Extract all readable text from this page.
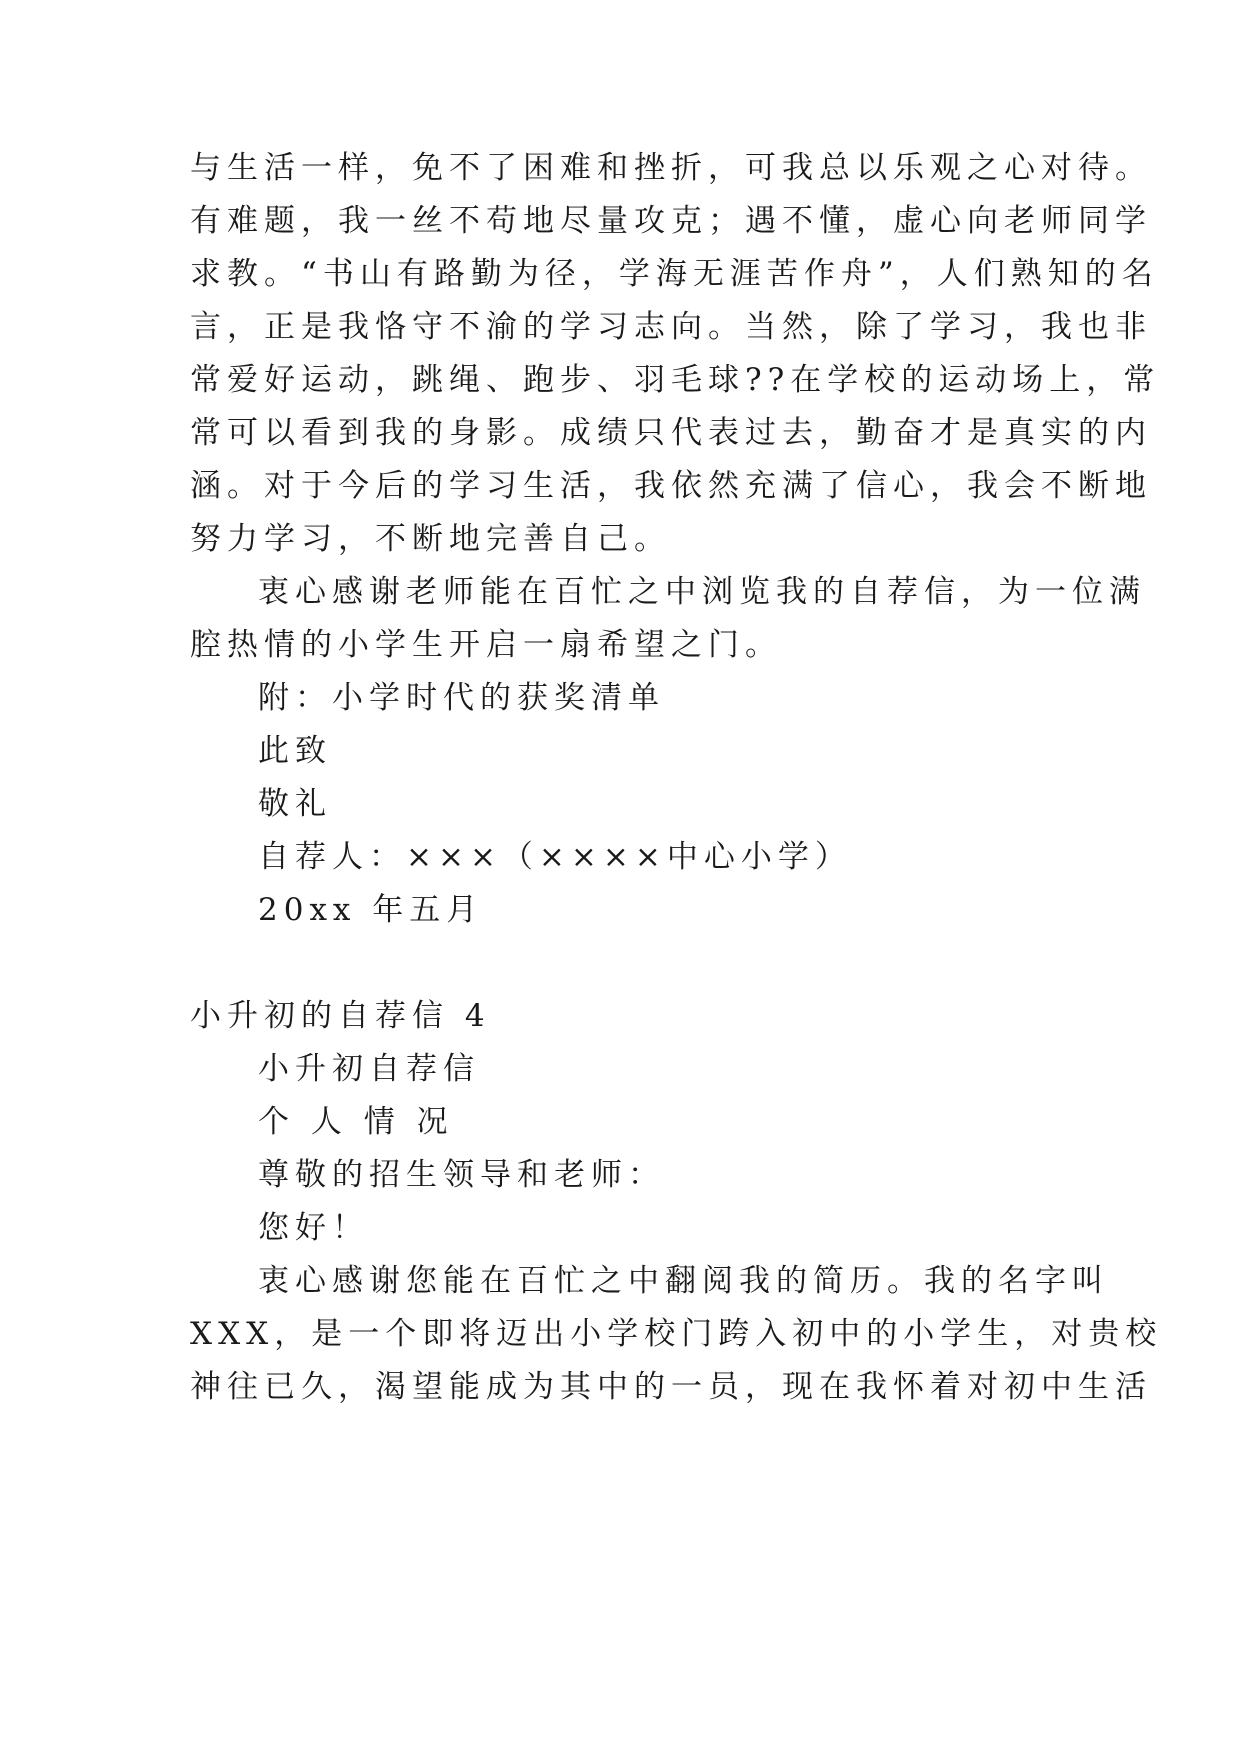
与生活一样，免不了困难和挫折，可我总以乐观之心对待。
有难题，我一丝不苟地尽量攻克；遇不懂，虚心向老师同学
求教。“书山有路勤为径，学海无涯苦作舟”，人们熟知的名
言，正是我恪守不渝的学习志向。当然，除了学习，我也非
常爱好运动，跳绳、跑步、羽毛球??在学校的运动场上，常
常可以看到我的身影。成绩只代表过去，勤奋才是真实的内
涵。对于今后的学习生活，我依然充满了信心，我会不断地
努力学习，不断地完善自己。
衷心感谢老师能在百忙之中浏览我的自荐信，为一位满
腔热情的小学生开启一扇希望之门。
附：小学时代的获奖清单
此致
敬礼
自荐人：×××（××××中心小学）
20xx 年五月
小升初的自荐信 4
小升初自荐信
个 人 情 况
尊敬的招生领导和老师：
您好！
衷心感谢您能在百忙之中翻阅我的简历。我的名字叫
XXX，是一个即将迈出小学校门跨入初中的小学生，对贵校
神往已久，渴望能成为其中的一员，现在我怀着对初中生活
